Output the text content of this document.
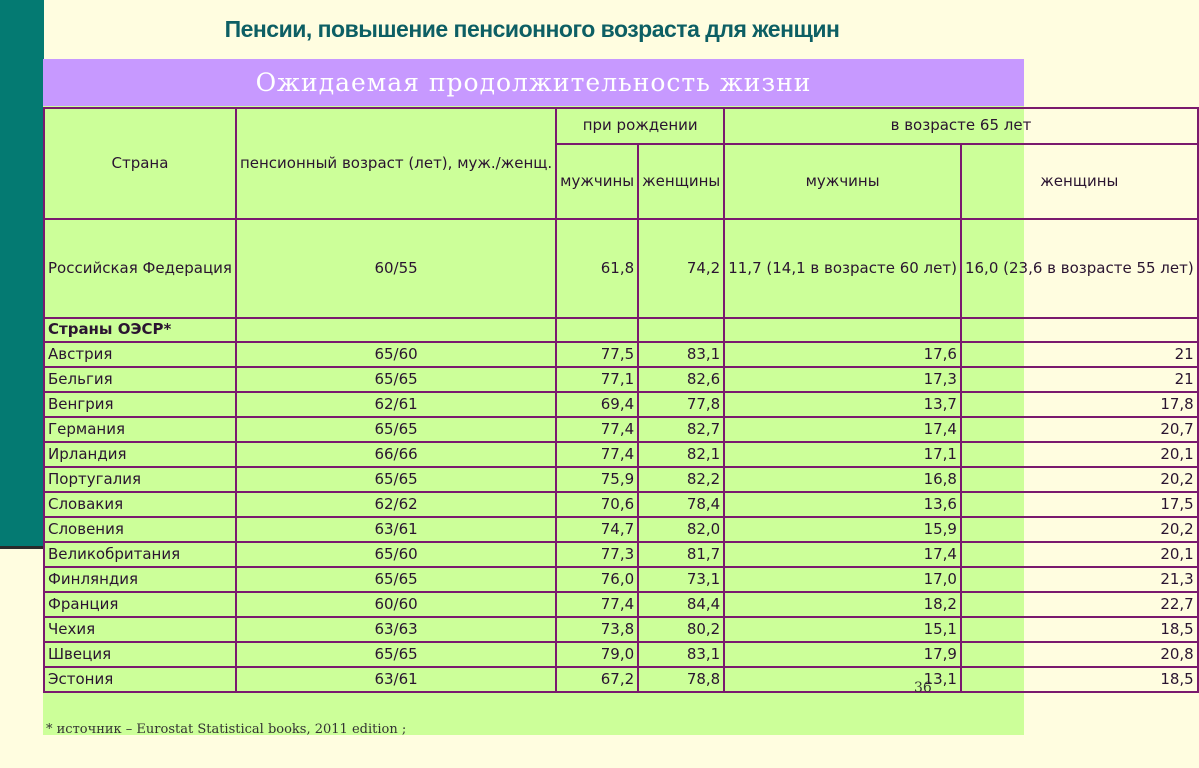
Пенсии, повышение пенсионного возраста для женщин
Ожидаемая продолжительность жизни
Страна	пенсионный возраст (лет), муж./женщ.	при рождении		в возрасте 65 лет	
		мужчины	женщины	мужчины	женщины
Российская Федерация	60/55	61,8	74,2	11,7 (14,1 в возрасте 60 лет)	16,0 (23,6 в возрасте 55 лет)
Страны ОЭСР*					
Австрия	65/60	77,5	83,1	17,6	21
Бельгия	65/65	77,1	82,6	17,3	21
Венгрия	62/61	69,4	77,8	13,7	17,8
Германия	65/65	77,4	82,7	17,4	20,7
Ирландия	66/66	77,4	82,1	17,1	20,1
Португалия	65/65	75,9	82,2	16,8	20,2
Словакия	62/62	70,6	78,4	13,6	17,5
Словения	63/61	74,7	82,0	15,9	20,2
Великобритания	65/60	77,3	81,7	17,4	20,1
Финляндия	65/65	76,0	73,1	17,0	21,3
Франция	60/60	77,4	84,4	18,2	22,7
Чехия	63/63	73,8	80,2	15,1	18,5
Швеция	65/65	79,0	83,1	17,9	20,8
Эстония	63/61	67,2	78,8	13,1	18,5
36
* источник – Eurostat Statistical books, 2011 edition ;
